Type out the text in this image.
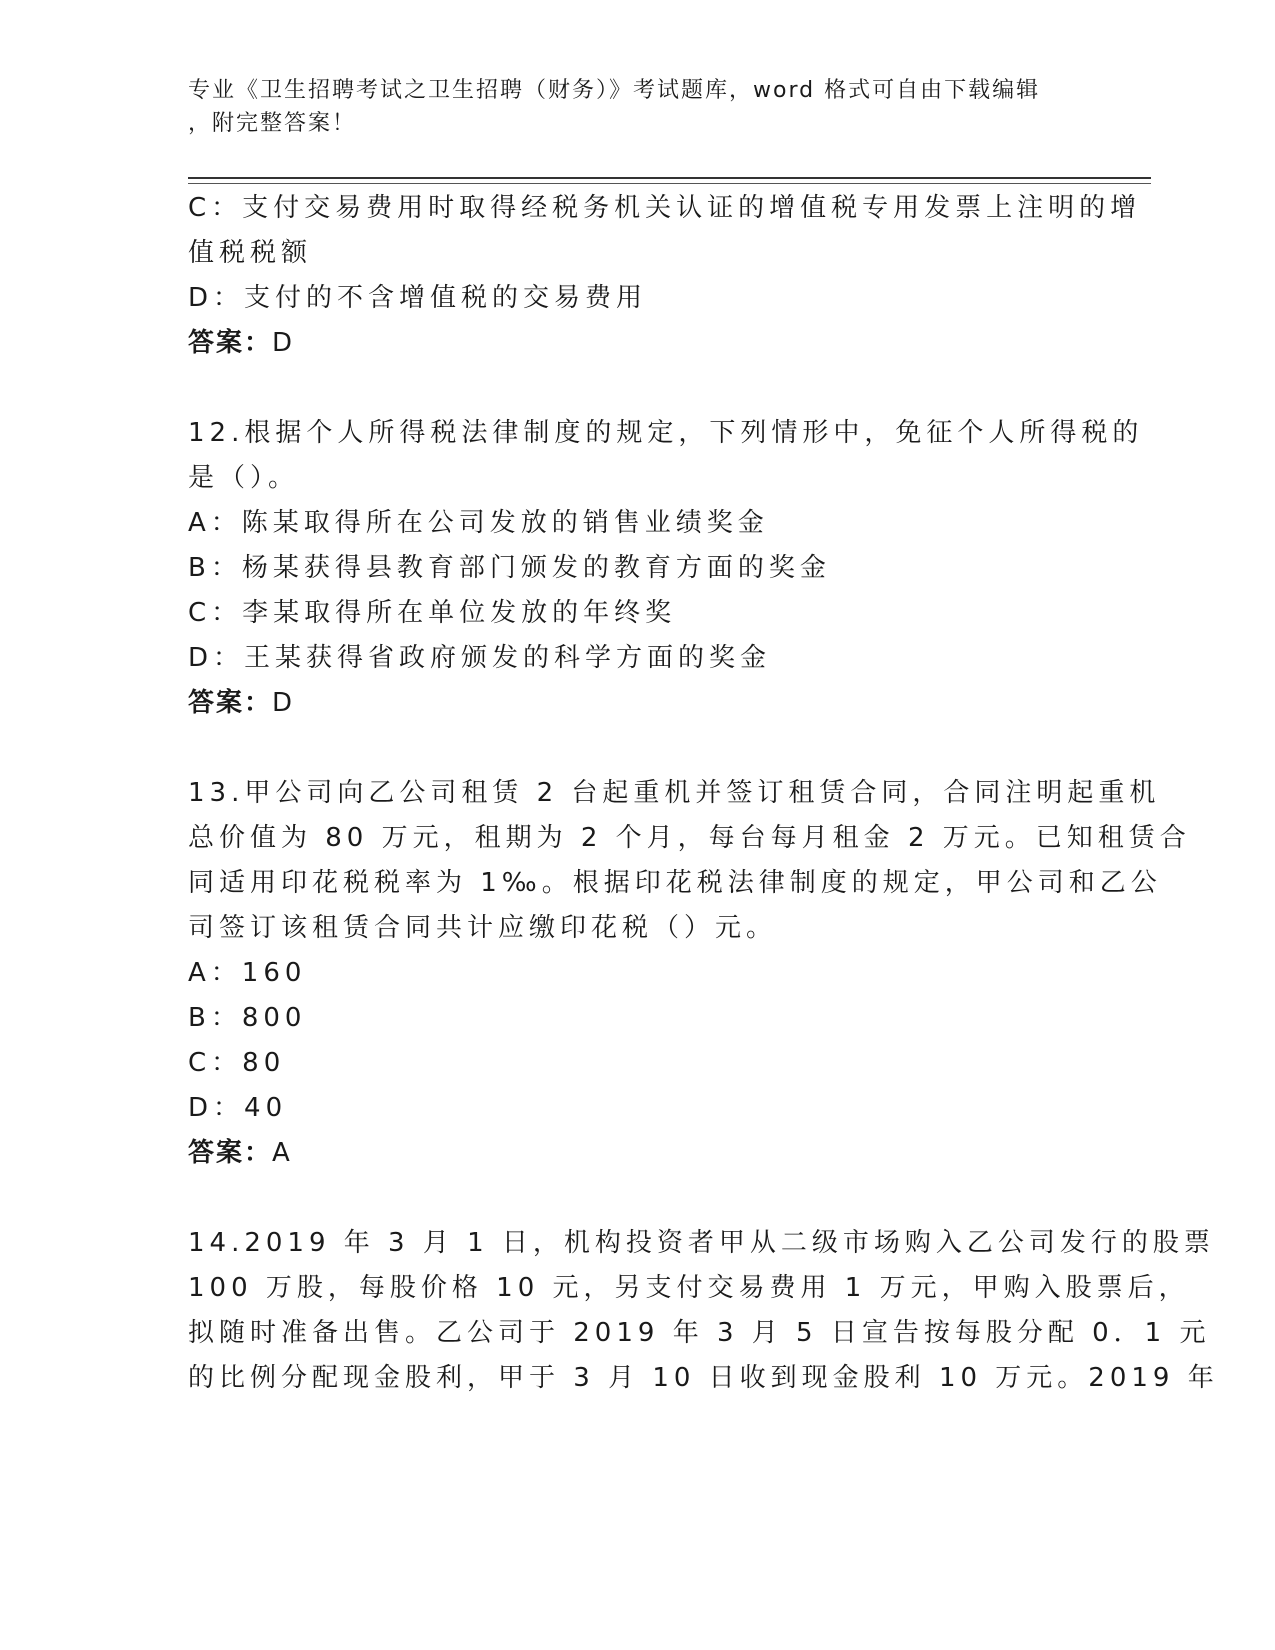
专业《卫生招聘考试之卫生招聘（财务）》考试题库，word 格式可自由下载编辑
，附完整答案！
C：支付交易费用时取得经税务机关认证的增值税专用发票上注明的增
值税税额
D：支付的不含增值税的交易费用
答案：D
12.根据个人所得税法律制度的规定，下列情形中，免征个人所得税的
是（）。
A：陈某取得所在公司发放的销售业绩奖金
B：杨某获得县教育部门颁发的教育方面的奖金
C：李某取得所在单位发放的年终奖
D：王某获得省政府颁发的科学方面的奖金
答案：D
13.甲公司向乙公司租赁 2 台起重机并签订租赁合同，合同注明起重机
总价值为 80 万元，租期为 2 个月，每台每月租金 2 万元。已知租赁合
同适用印花税税率为 1‰。根据印花税法律制度的规定，甲公司和乙公
司签订该租赁合同共计应缴印花税（）元。
A：160
B：800
C：80
D：40
答案：A
14.2019 年 3 月 1 日，机构投资者甲从二级市场购入乙公司发行的股票
100 万股，每股价格 10 元，另支付交易费用 1 万元，甲购入股票后，
拟随时准备出售。乙公司于 2019 年 3 月 5 日宣告按每股分配 0．1 元
的比例分配现金股利，甲于 3 月 10 日收到现金股利 10 万元。2019 年
